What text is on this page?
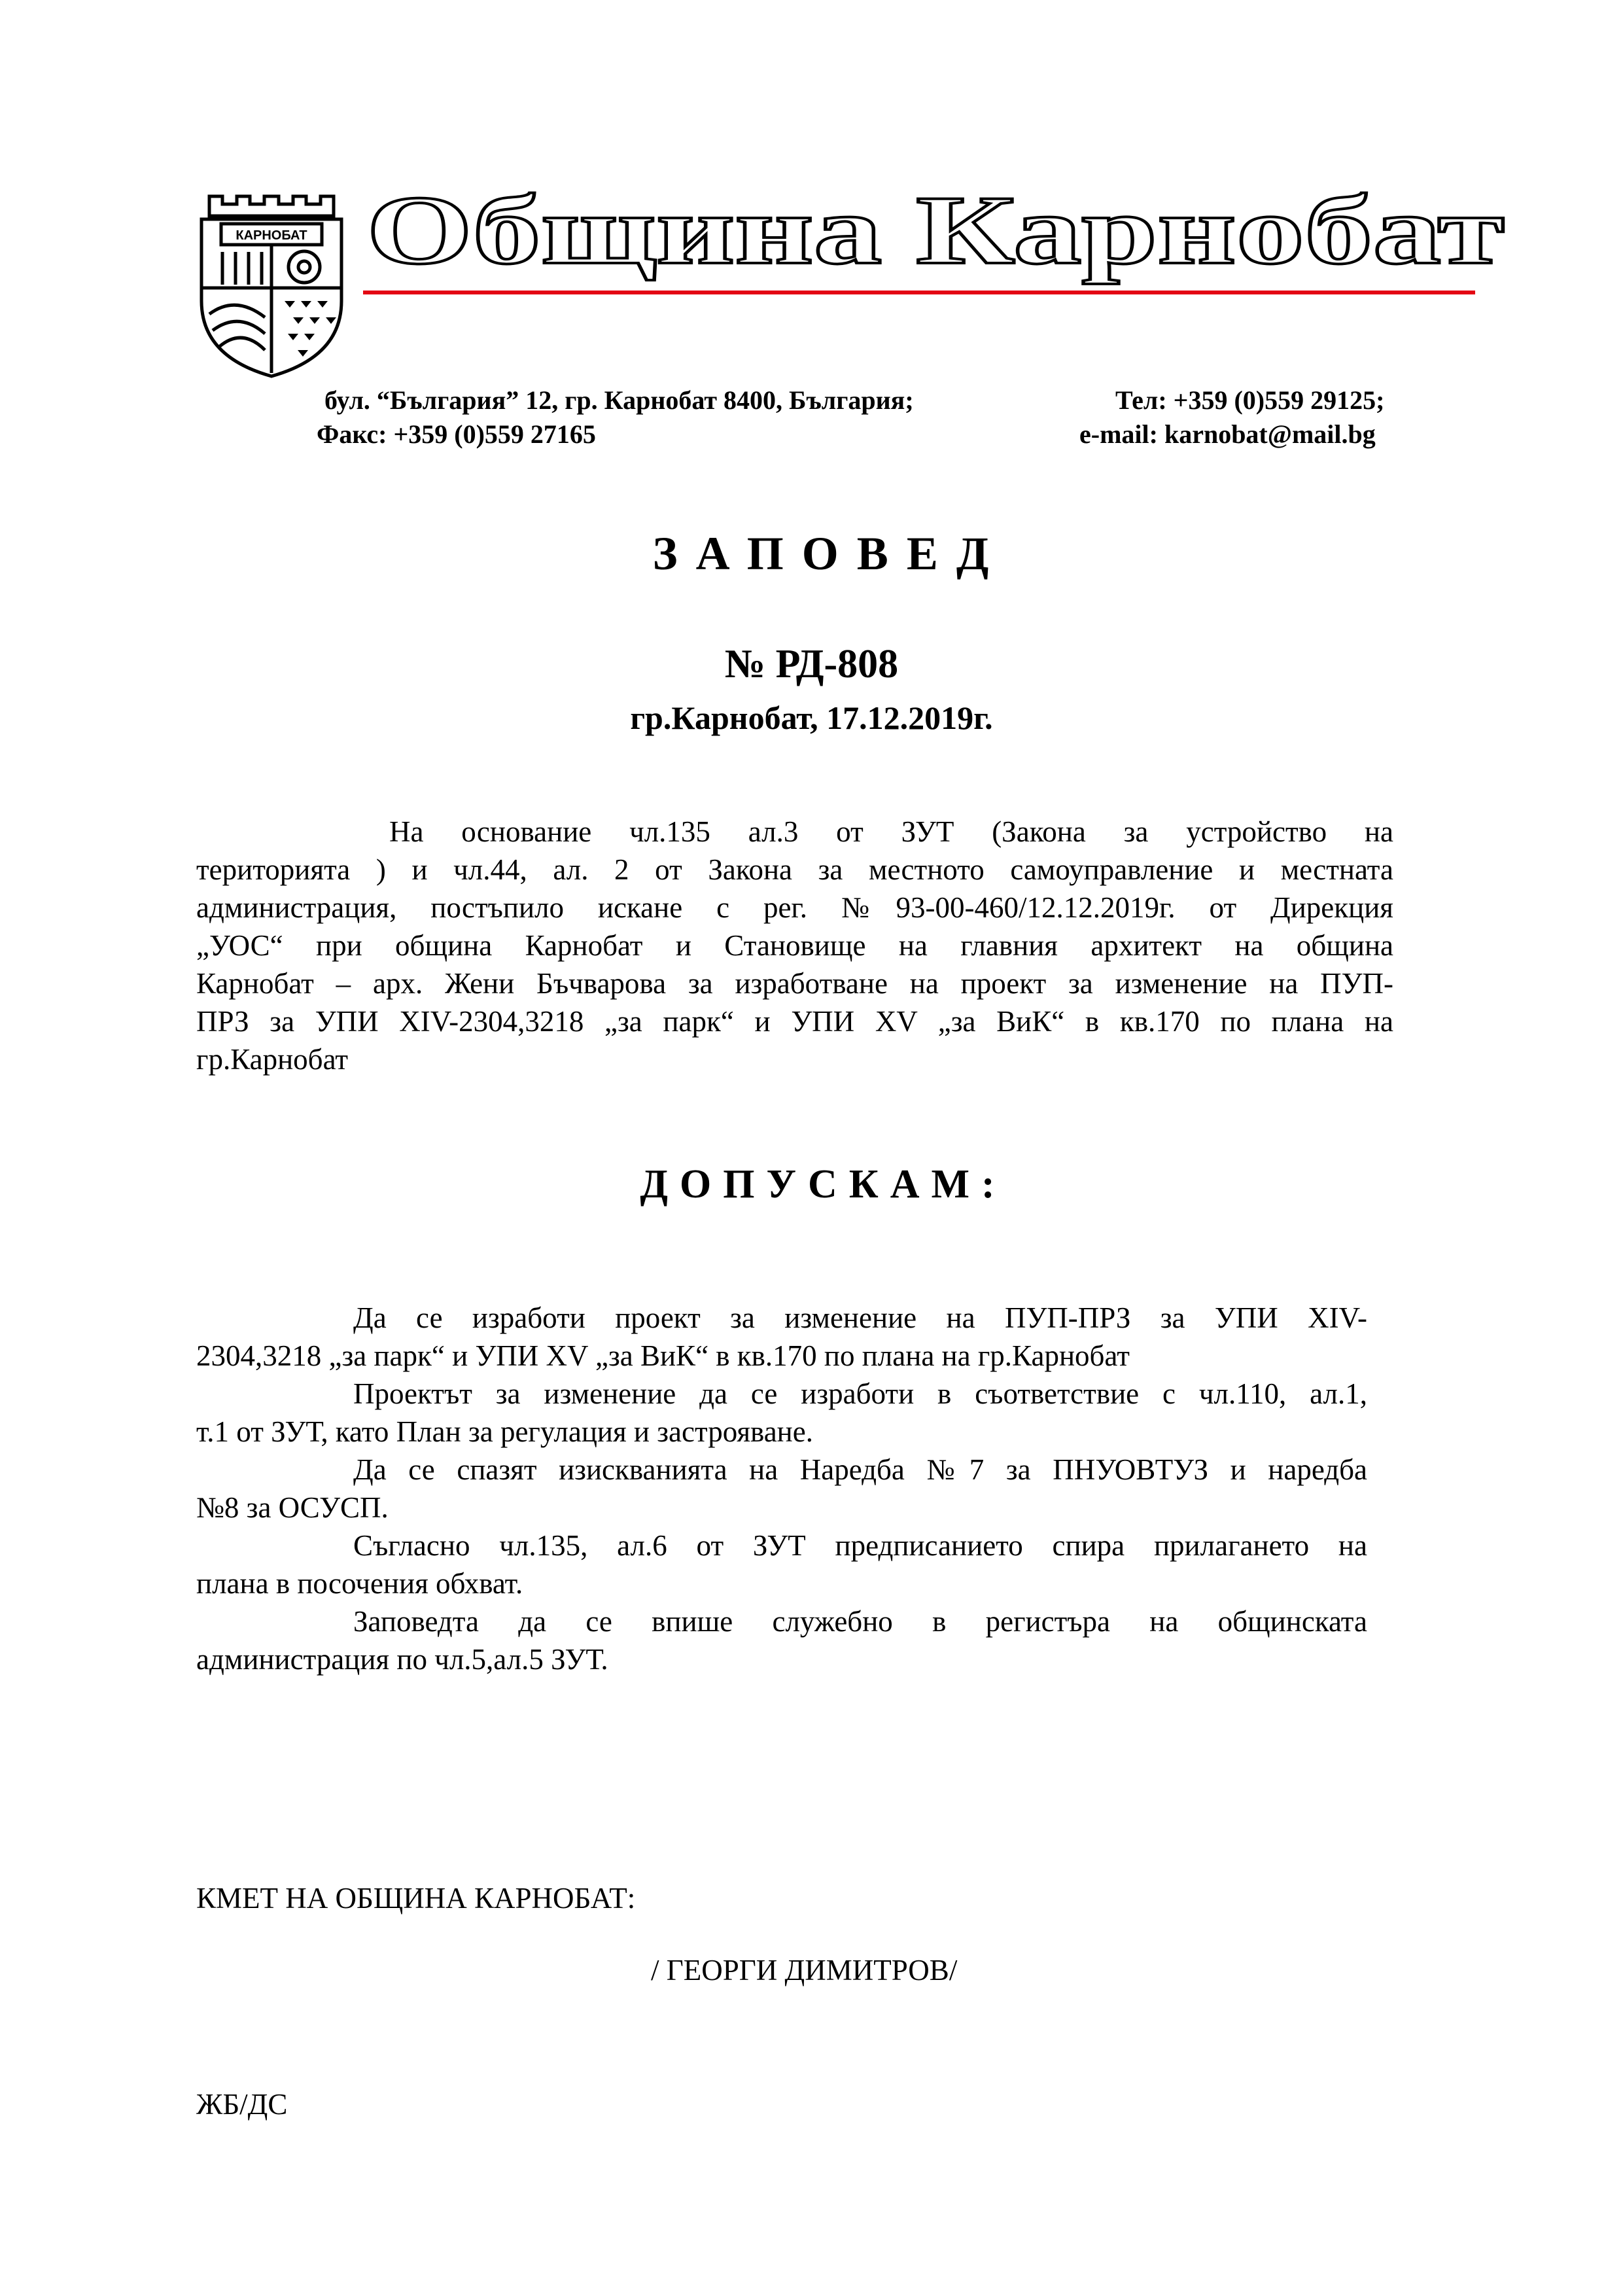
КАРНОБАТ Община Карнобат
бул. “България” 12, гр. Карнобат 8400, България;	Тел: +359 (0)559 29125;
Факс: +359 (0)559 27165	e-mail: karnobat@mail.bg
ЗАПОВЕД
№ РД-808
гр.Карнобат, 17.12.2019г.
На основание чл.135 ал.3 от ЗУТ (Закона за устройство на
територията ) и чл.44, ал. 2 от Закона за местното самоуправление и местната
администрация, постъпило искане с рег. №93-00-460/12.12.2019г. от Дирекция
„УОС“ при община Карнобат и Становище на главния архитект на община
Карнобат – арх. Жени Бъчварова за изработване на проект за изменение на ПУП-
ПРЗ за УПИ XIV-2304,3218 „за парк“ и УПИ XV „за ВиК“ в кв.170 по плана на
гр.Карнобат
ДОПУСКАМ:
Да се изработи проект за изменение на ПУП-ПРЗ за УПИ XIV-
2304,3218 „за парк“ и УПИ XV „за ВиК“ в кв.170 по плана на гр.Карнобат
Проектът за изменение да се изработи в съответствие с чл.110, ал.1,
т.1 от ЗУТ, като План за регулация и застрояване.
Да се спазят изискванията на Наредба №7 за ПНУОВТУЗ и наредба
№8 за ОСУСП.
Съгласно чл.135, ал.6 от ЗУТ предписанието спира прилагането на
плана в посочения обхват.
Заповедта да се впише служебно в регистъра на общинската
администрация по чл.5,ал.5 ЗУТ.
КМЕТ НА ОБЩИНА КАРНОБАТ:
/ ГЕОРГИ ДИМИТРОВ/
ЖБ/ДС
